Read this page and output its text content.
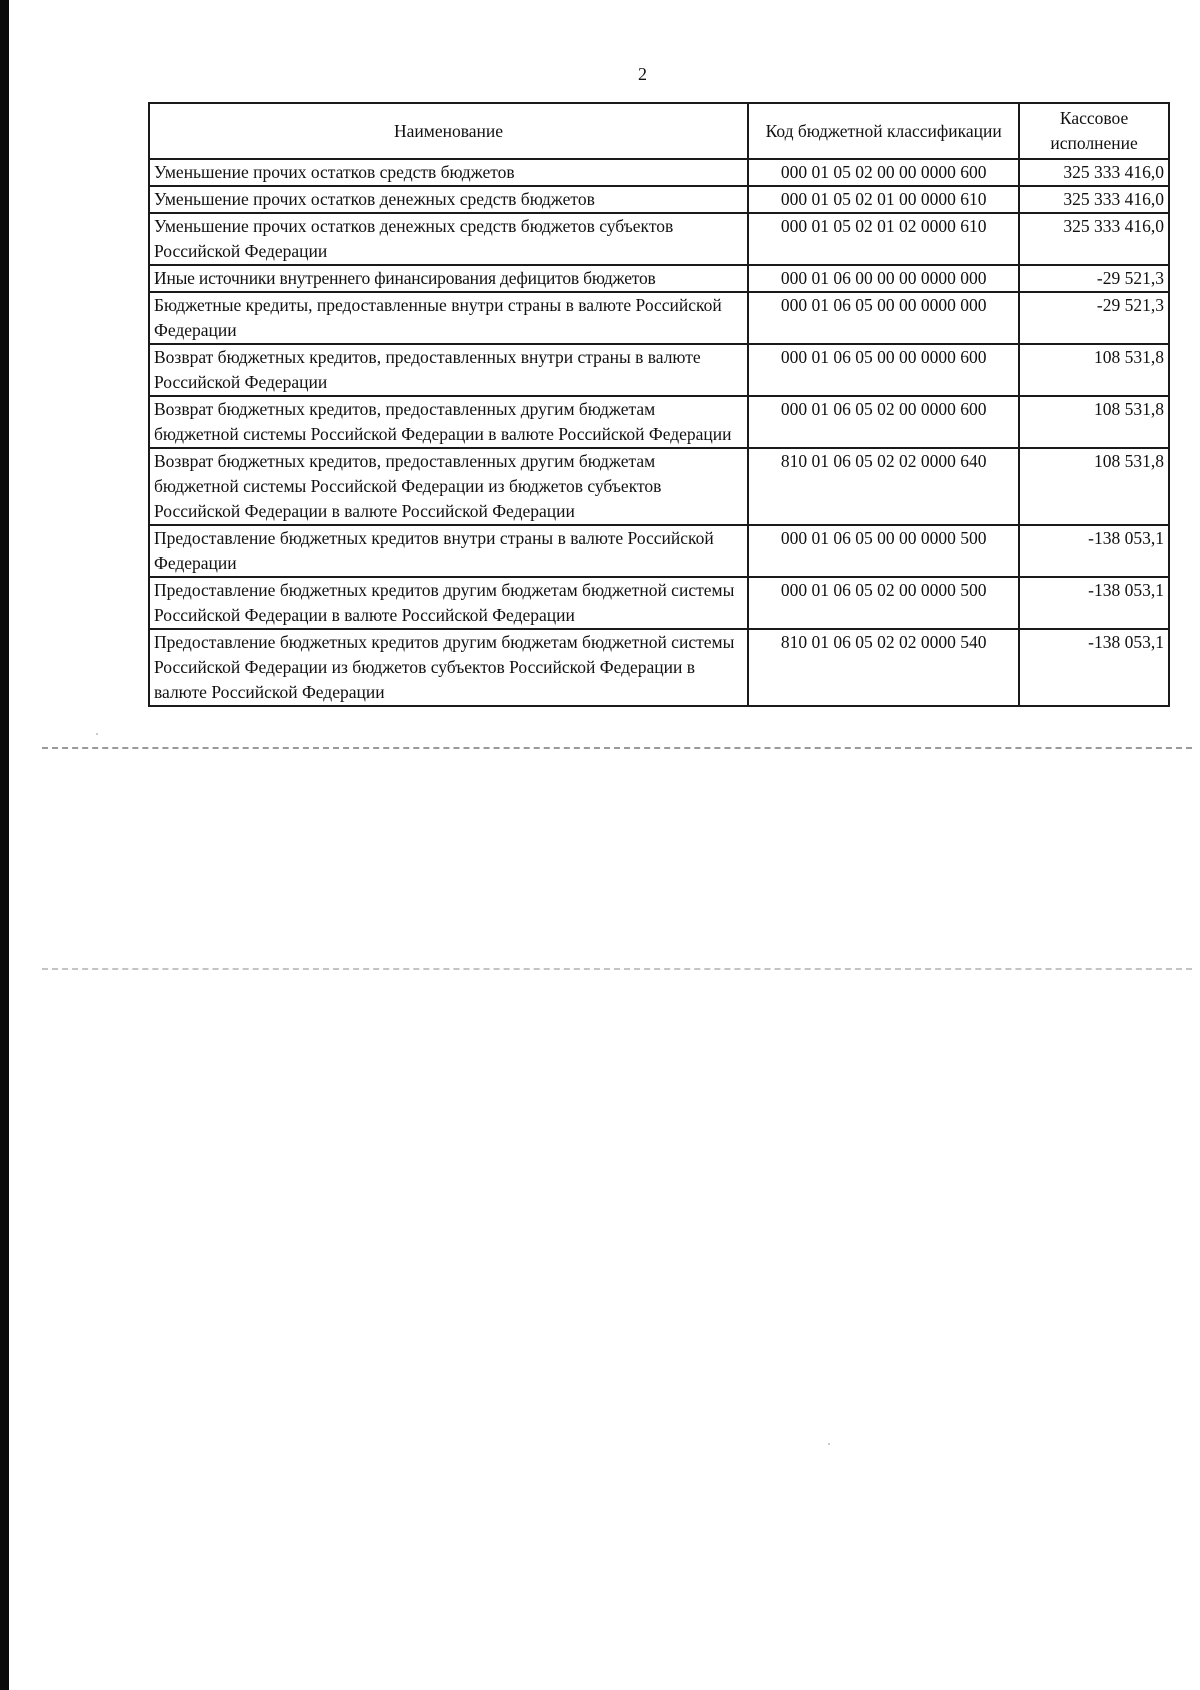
2
Наименование	Код бюджетной классификации	Кассовое исполнение
Уменьшение прочих остатков средств бюджетов	000 01 05 02 00 00 0000 600	325 333 416,0
Уменьшение прочих остатков денежных средств бюджетов	000 01 05 02 01 00 0000 610	325 333 416,0
Уменьшение прочих остатков денежных средств бюджетов субъектов Российской Федерации	000 01 05 02 01 02 0000 610	325 333 416,0
Иные источники внутреннего финансирования дефицитов бюджетов	000 01 06 00 00 00 0000 000	-29 521,3
Бюджетные кредиты, предоставленные внутри страны в валюте Российской Федерации	000 01 06 05 00 00 0000 000	-29 521,3
Возврат бюджетных кредитов, предоставленных внутри страны в валюте Российской Федерации	000 01 06 05 00 00 0000 600	108 531,8
Возврат бюджетных кредитов, предоставленных другим бюджетам бюджетной системы Российской Федерации в валюте Российской Федерации	000 01 06 05 02 00 0000 600	108 531,8
Возврат бюджетных кредитов, предоставленных другим бюджетам бюджетной системы Российской Федерации из бюджетов субъектов Российской Федерации в валюте Российской Федерации	810 01 06 05 02 02 0000 640	108 531,8
Предоставление бюджетных кредитов внутри страны в валюте Российской Федерации	000 01 06 05 00 00 0000 500	-138 053,1
Предоставление бюджетных кредитов другим бюджетам бюджетной системы Российской Федерации в валюте Российской Федерации	000 01 06 05 02 00 0000 500	-138 053,1
Предоставление бюджетных кредитов другим бюджетам бюджетной системы Российской Федерации из бюджетов субъектов Российской Федерации в валюте Российской Федерации	810 01 06 05 02 02 0000 540	-138 053,1
